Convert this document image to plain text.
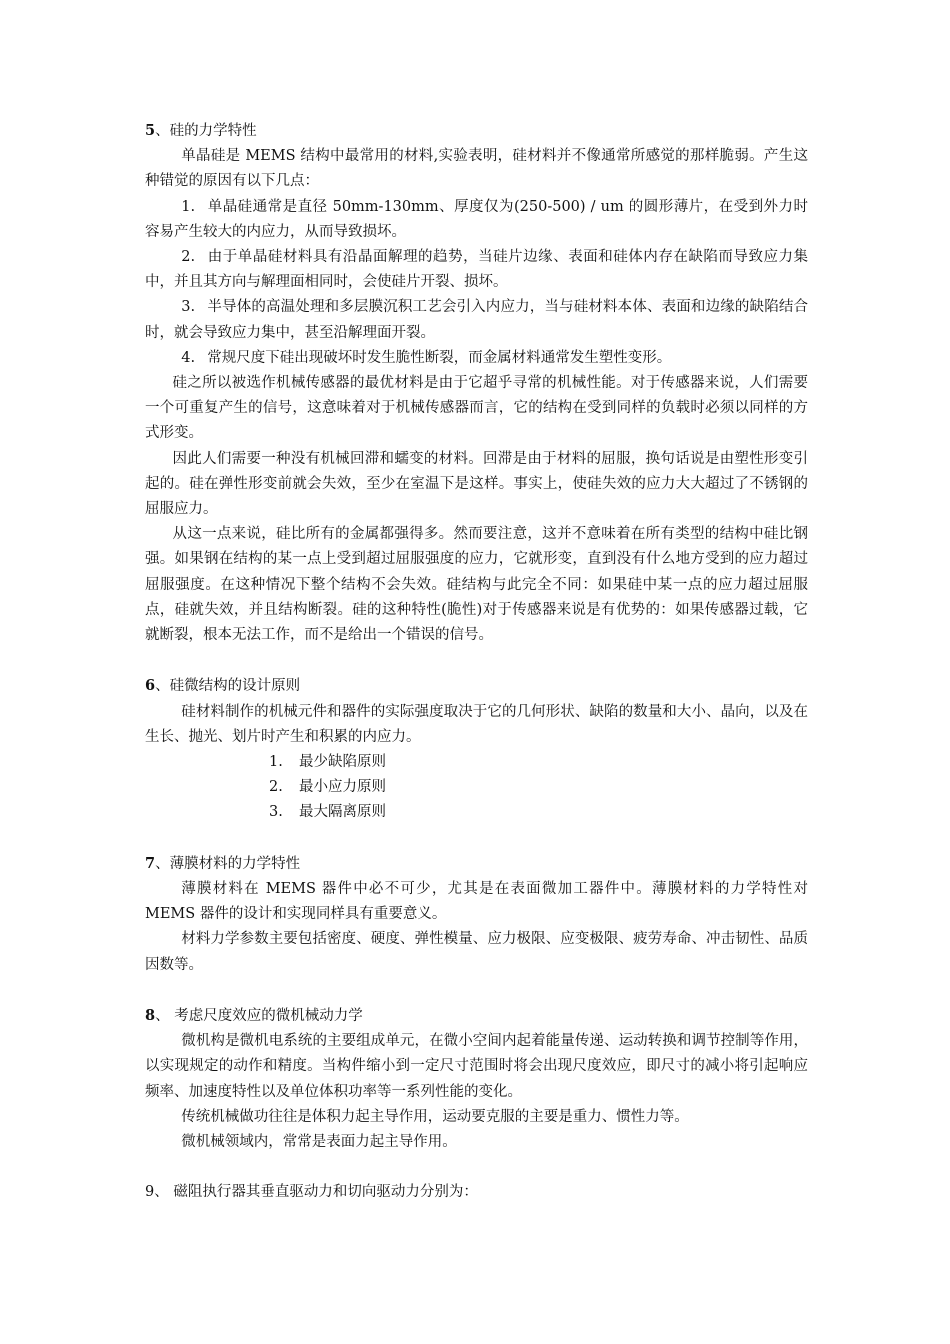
5、硅的力学特性

单晶硅是 MEMS 结构中最常用的材料,实验表明，硅材料并不像通常所感觉的那样脆弱。产生这种错觉的原因有以下几点：

1. 单晶硅通常是直径 50mm-130mm、厚度仅为(250-500) / um 的圆形薄片，在受到外力时容易产生较大的内应力，从而导致损坏。

2. 由于单晶硅材料具有沿晶面解理的趋势，当硅片边缘、表面和硅体内存在缺陷而导致应力集中，并且其方向与解理面相同时，会使硅片开裂、损坏。

3. 半导体的高温处理和多层膜沉积工艺会引入内应力，当与硅材料本体、表面和边缘的缺陷结合时，就会导致应力集中，甚至沿解理面开裂。

4. 常规尺度下硅出现破坏时发生脆性断裂，而金属材料通常发生塑性变形。

硅之所以被选作机械传感器的最优材料是由于它超乎寻常的机械性能。对于传感器来说，人们需要一个可重复产生的信号，这意味着对于机械传感器而言，它的结构在受到同样的负载时必须以同样的方式形变。

因此人们需要一种没有机械回滞和蠕变的材料。回滞是由于材料的屈服，换句话说是由塑性形变引起的。硅在弹性形变前就会失效，至少在室温下是这样。事实上，使硅失效的应力大大超过了不锈钢的屈服应力。

从这一点来说，硅比所有的金属都强得多。然而要注意，这并不意味着在所有类型的结构中硅比钢强。如果钢在结构的某一点上受到超过屈服强度的应力，它就形变，直到没有什么地方受到的应力超过屈服强度。在这种情况下整个结构不会失效。硅结构与此完全不同：如果硅中某一点的应力超过屈服点，硅就失效，并且结构断裂。硅的这种特性(脆性)对于传感器来说是有优势的：如果传感器过载，它就断裂，根本无法工作，而不是给出一个错误的信号。

6、硅微结构的设计原则

硅材料制作的机械元件和器件的实际强度取决于它的几何形状、缺陷的数量和大小、晶向，以及在生长、抛光、划片时产生和积累的内应力。

1. 最少缺陷原则

2. 最小应力原则

3. 最大隔离原则

7、薄膜材料的力学特性

薄膜材料在 MEMS 器件中必不可少，尤其是在表面微加工器件中。薄膜材料的力学特性对 MEMS 器件的设计和实现同样具有重要意义。

材料力学参数主要包括密度、硬度、弹性模量、应力极限、应变极限、疲劳寿命、冲击韧性、品质因数等。

8、 考虑尺度效应的微机械动力学

微机构是微机电系统的主要组成单元，在微小空间内起着能量传递、运动转换和调节控制等作用，以实现规定的动作和精度。当构件缩小到一定尺寸范围时将会出现尺度效应，即尺寸的减小将引起响应频率、加速度特性以及单位体积功率等一系列性能的变化。

传统机械做功往往是体积力起主导作用，运动要克服的主要是重力、惯性力等。

微机械领域内，常常是表面力起主导作用。

9、 磁阻执行器其垂直驱动力和切向驱动力分别为：
